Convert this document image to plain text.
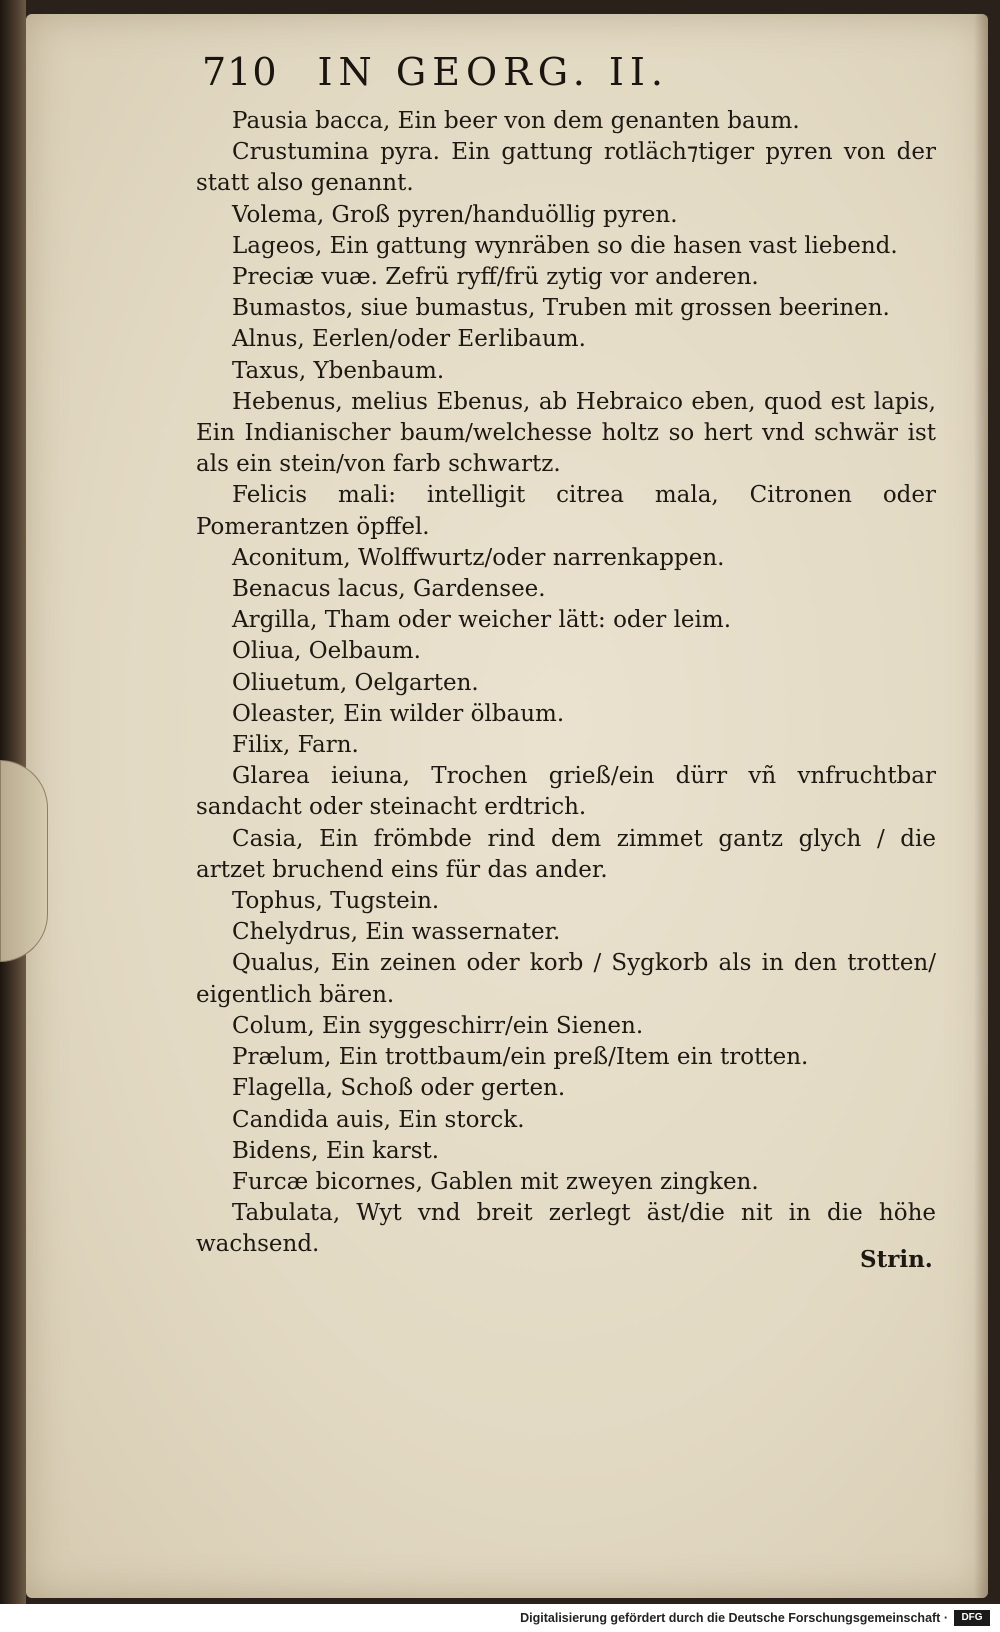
710 IN GEORG. II.

Pausia bacca, Ein beer von dem genanten baum.

Crustumina pyra. Ein gattung rotläch⁊tiger pyren von der statt also genannt.

Volema, Groß pyren/handuöllig pyren.

Lageos, Ein gattung wynräben so die hasen vast liebend.

Preciæ vuæ. Zefrü ryff/frü zytig vor anderen.

Bumastos, siue bumastus, Truben mit grossen beerinen.

Alnus, Eerlen/oder Eerlibaum.

Taxus, Ybenbaum.

Hebenus, melius Ebenus, ab Hebraico eben, quod est lapis, Ein Indianischer baum/welchesse holtz so hert vnd schwär ist als ein stein/von farb schwartz.

Felicis mali: intelligit citrea mala, Citronen oder Pomerantzen öpffel.

Aconitum, Wolffwurtz/oder narrenkappen.

Benacus lacus, Gardensee.

Argilla, Tham oder weicher lätt: oder leim.

Oliua, Oelbaum.

Oliuetum, Oelgarten.

Oleaster, Ein wilder ölbaum.

Filix, Farn.

Glarea ieiuna, Trochen grieß/ein dürr vñ vnfruchtbar sandacht oder steinacht erdtrich.

Casia, Ein frömbde rind dem zimmet gantz glych / die artzet bruchend eins für das ander.

Tophus, Tugstein.

Chelydrus, Ein wassernater.

Qualus, Ein zeinen oder korb / Sygkorb als in den trotten/ eigentlich bären.

Colum, Ein syggeschirr/ein Sienen.

Prælum, Ein trottbaum/ein preß/Item ein trotten.

Flagella, Schoß oder gerten.

Candida auis, Ein storck.

Bidens, Ein karst.

Furcæ bicornes, Gablen mit zweyen zingken.

Tabulata, Wyt vnd breit zerlegt äst/die nit in die höhe wachsend.

Strin.
Digitalisierung gefördert durch die Deutsche Forschungsgemeinschaft ·	DFG
